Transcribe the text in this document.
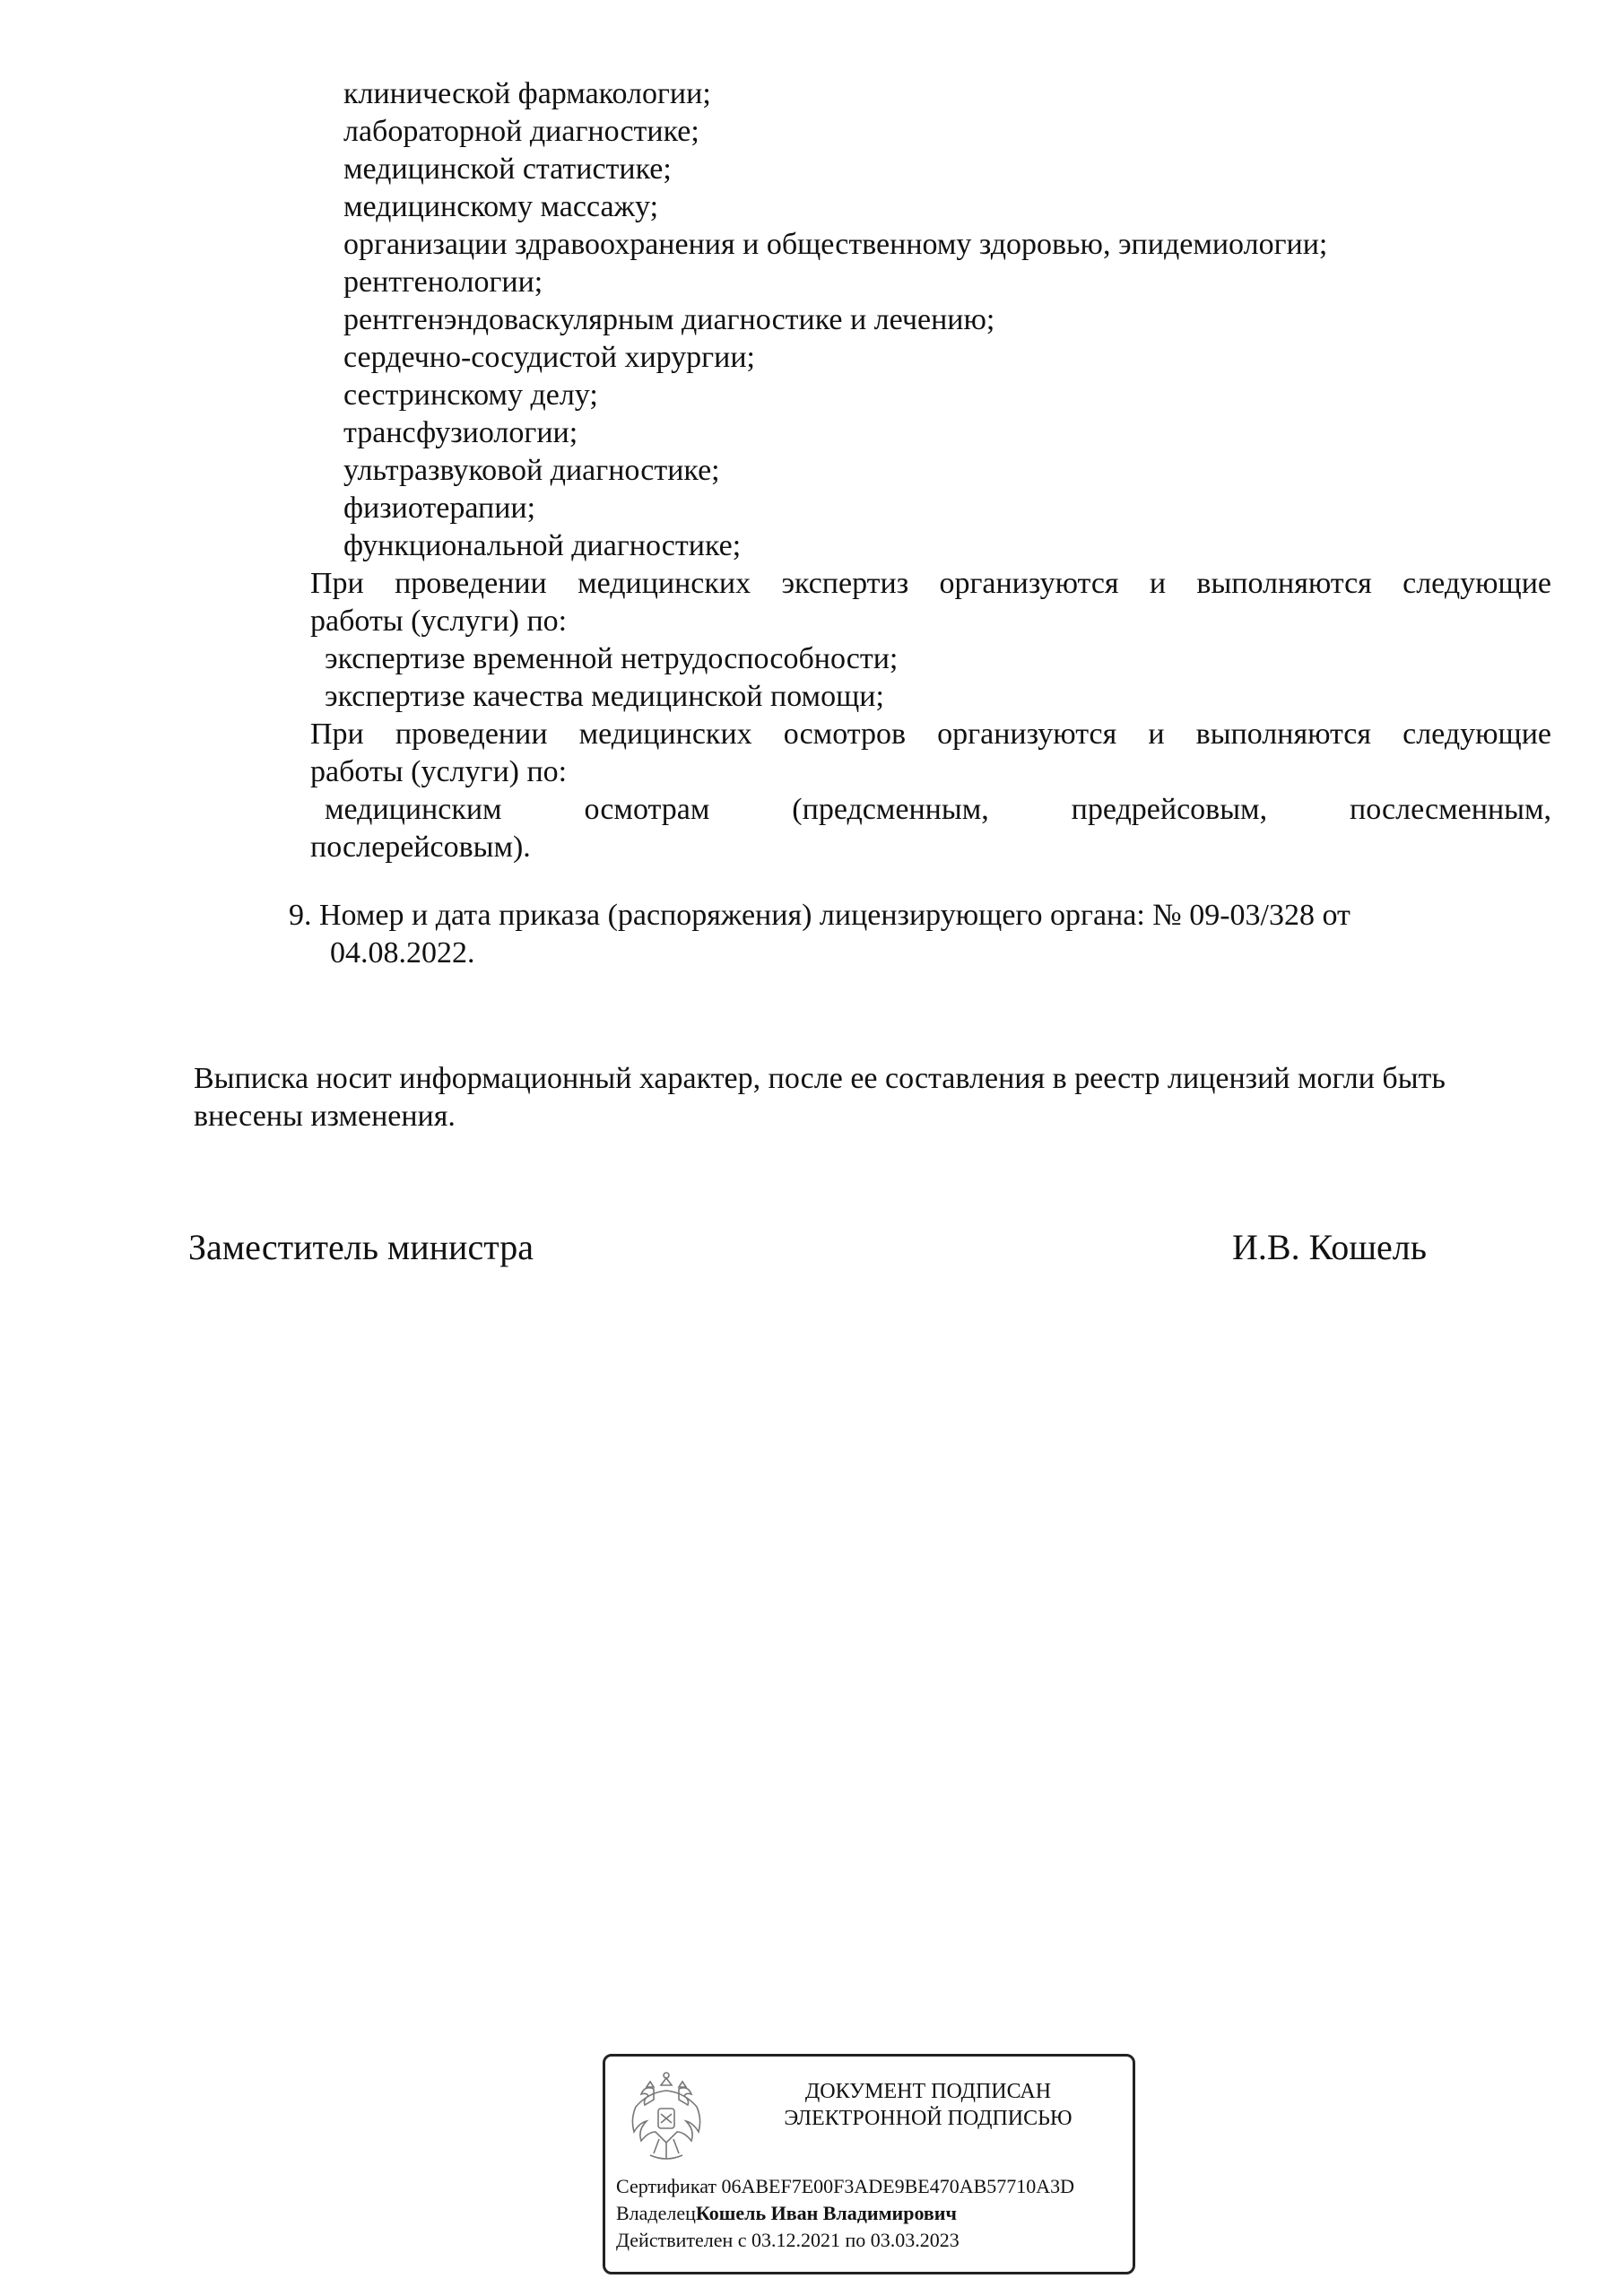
клинической фармакологии;
лабораторной диагностике;
медицинской статистике;
медицинскому массажу;
организации здравоохранения и общественному здоровью, эпидемиологии;
рентгенологии;
рентгенэндоваскулярным диагностике и лечению;
сердечно-сосудистой хирургии;
сестринскому делу;
трансфузиологии;
ультразвуковой диагностике;
физиотерапии;
функциональной диагностике;
При проведении медицинских экспертиз организуются и выполняются следующие
работы (услуги) по:
экспертизе временной нетрудоспособности;
экспертизе качества медицинской помощи;
При проведении медицинских осмотров организуются и выполняются следующие
работы (услуги) по:
медицинским осмотрам (предсменным, предрейсовым, послесменным,
послерейсовым).
9. Номер и дата приказа (распоряжения) лицензирующего органа: № 09-03/328 от
04.08.2022.
Выписка носит информационный характер, после ее составления в реестр лицензий могли быть внесены изменения.
Заместитель министра	И.В. Кошель
ДОКУМЕНТ ПОДПИСАН
ЭЛЕКТРОННОЙ ПОДПИСЬЮ
Сертификат 06ABEF7E00F3ADE9BE470AB57710A3D
ВладелецКошель Иван Владимирович
Действителен с 03.12.2021 по 03.03.2023
